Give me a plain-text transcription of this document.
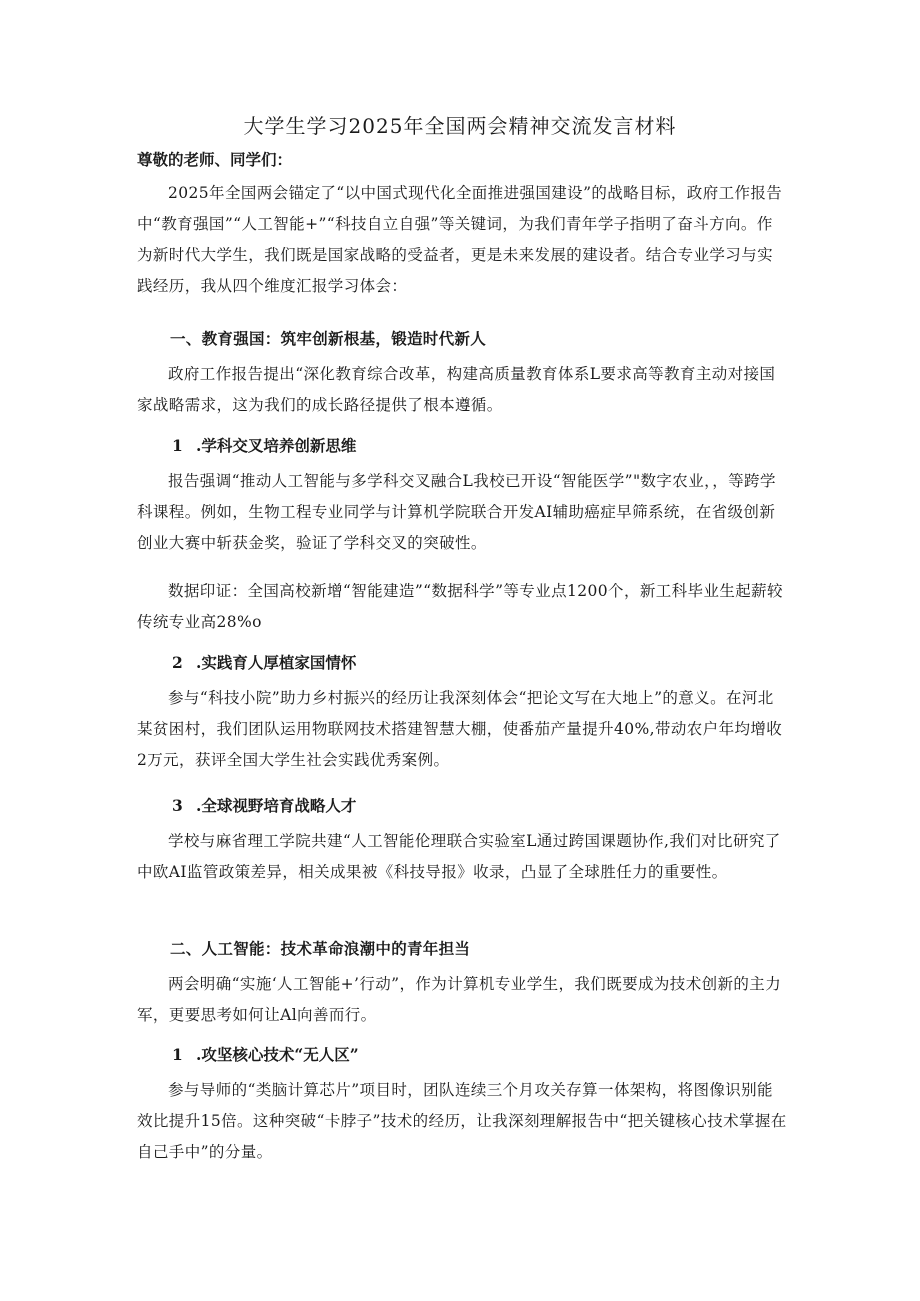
大学生学习2025年全国两会精神交流发言材料

尊敬的老师、同学们：

2025年全国两会锚定了“以中国式现代化全面推进强国建设”的战略目标，政府工作报告中“教育强国”“人工智能+”“科技自立自强”等关键词，为我们青年学子指明了奋斗方向。作为新时代大学生，我们既是国家战略的受益者，更是未来发展的建设者。结合专业学习与实践经历，我从四个维度汇报学习体会：

一、教育强国：筑牢创新根基，锻造时代新人

政府工作报告提出“深化教育综合改革，构建高质量教育体系L要求高等教育主动对接国家战略需求，这为我们的成长路径提供了根本遵循。

1 .学科交叉培养创新思维

报告强调“推动人工智能与多学科交叉融合L我校已开设“智能医学”"数字农业，，等跨学科课程。例如，生物工程专业同学与计算机学院联合开发AI辅助癌症早筛系统，在省级创新创业大赛中斩获金奖，验证了学科交叉的突破性。

数据印证：全国高校新增“智能建造”“数据科学”等专业点1200个，新工科毕业生起薪较传统专业高28%o

2 .实践育人厚植家国情怀

参与“科技小院”助力乡村振兴的经历让我深刻体会“把论文写在大地上”的意义。在河北某贫困村，我们团队运用物联网技术搭建智慧大棚，使番茄产量提升40%,带动农户年均增收2万元，获评全国大学生社会实践优秀案例。

3 .全球视野培育战略人才

学校与麻省理工学院共建“人工智能伦理联合实验室L通过跨国课题协作,我们对比研究了中欧AI监管政策差异，相关成果被《科技导报》收录，凸显了全球胜任力的重要性。

二、人工智能：技术革命浪潮中的青年担当

两会明确“实施‘人工智能+’行动”，作为计算机专业学生，我们既要成为技术创新的主力军，更要思考如何让Al向善而行。

1 .攻坚核心技术“无人区”

参与导师的“类脑计算芯片”项目时，团队连续三个月攻关存算一体架构，将图像识别能效比提升15倍。这种突破“卡脖子”技术的经历，让我深刻理解报告中“把关键核心技术掌握在自己手中”的分量。
